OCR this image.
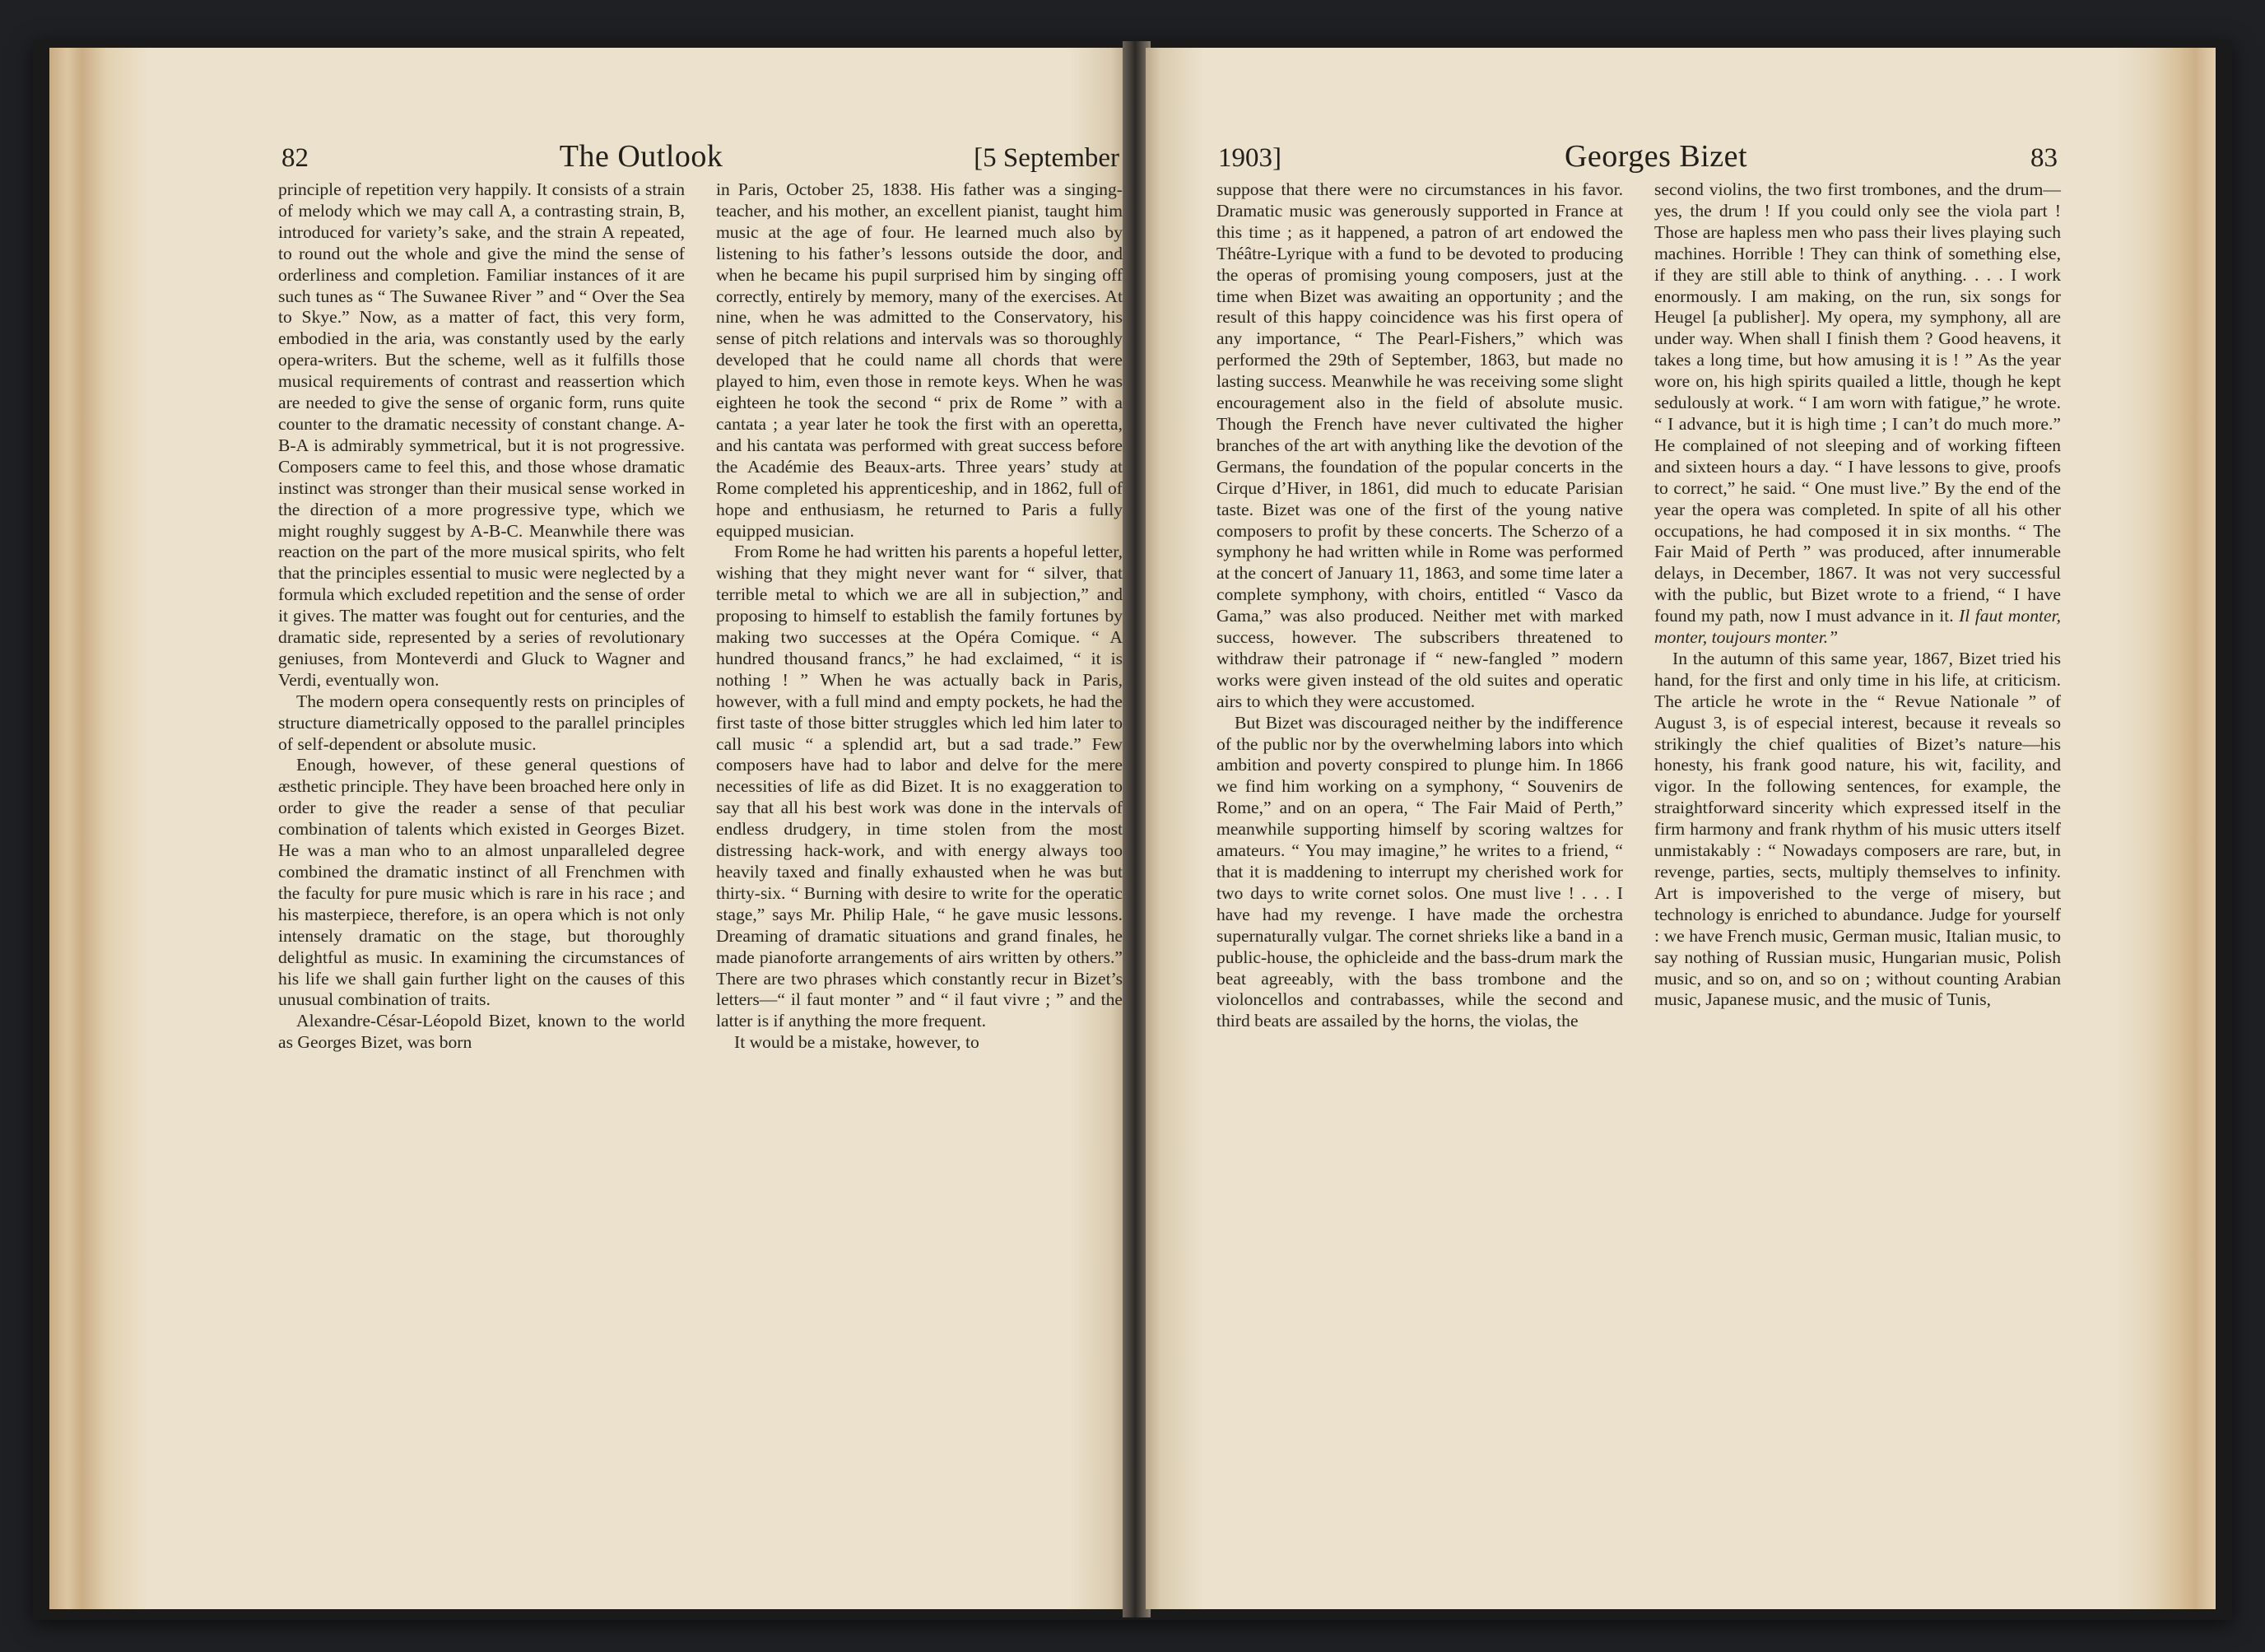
82	The Outlook	[5 September

principle of repetition very happily. It consists of a strain of melody which we may call A, a contrasting strain, B, introduced for variety’s sake, and the strain A repeated, to round out the whole and give the mind the sense of orderliness and completion. Familiar instances of it are such tunes as “ The Suwanee River ” and “ Over the Sea to Skye.” Now, as a matter of fact, this very form, embodied in the aria, was constantly used by the early opera-writers. But the scheme, well as it fulfills those musical requirements of contrast and reassertion which are needed to give the sense of organic form, runs quite counter to the dramatic necessity of constant change. A-B-A is admirably symmetrical, but it is not progressive. Composers came to feel this, and those whose dramatic instinct was stronger than their musical sense worked in the direction of a more progressive type, which we might roughly suggest by A-B-C. Meanwhile there was reaction on the part of the more musical spirits, who felt that the principles essential to music were neglected by a formula which excluded repetition and the sense of order it gives. The matter was fought out for centuries, and the dramatic side, represented by a series of revolutionary geniuses, from Monteverdi and Gluck to Wagner and Verdi, eventually won.

The modern opera consequently rests on principles of structure diametrically opposed to the parallel principles of self-dependent or absolute music.

Enough, however, of these general questions of æsthetic principle. They have been broached here only in order to give the reader a sense of that peculiar combination of talents which existed in Georges Bizet. He was a man who to an almost unparalleled degree combined the dramatic instinct of all Frenchmen with the faculty for pure music which is rare in his race ; and his masterpiece, therefore, is an opera which is not only intensely dramatic on the stage, but thoroughly delightful as music. In examining the circumstances of his life we shall gain further light on the causes of this unusual combination of traits.

Alexandre-César-Léopold Bizet, known to the world as Georges Bizet, was born

in Paris, October 25, 1838. His father was a singing-teacher, and his mother, an excellent pianist, taught him music at the age of four. He learned much also by listening to his father’s lessons outside the door, and when he became his pupil surprised him by singing off correctly, entirely by memory, many of the exercises. At nine, when he was admitted to the Conservatory, his sense of pitch relations and intervals was so thoroughly developed that he could name all chords that were played to him, even those in remote keys. When he was eighteen he took the second “ prix de Rome ” with a cantata ; a year later he took the first with an operetta, and his cantata was performed with great success before the Académie des Beaux-arts. Three years’ study at Rome completed his apprenticeship, and in 1862, full of hope and enthusiasm, he returned to Paris a fully equipped musician.

From Rome he had written his parents a hopeful letter, wishing that they might never want for “ silver, that terrible metal to which we are all in subjection,” and proposing to himself to establish the family fortunes by making two successes at the Opéra Comique. “ A hundred thousand francs,” he had exclaimed, “ it is nothing ! ” When he was actually back in Paris, however, with a full mind and empty pockets, he had the first taste of those bitter struggles which led him later to call music “ a splendid art, but a sad trade.” Few composers have had to labor and delve for the mere necessities of life as did Bizet. It is no exaggeration to say that all his best work was done in the intervals of endless drudgery, in time stolen from the most distressing hack-work, and with energy always too heavily taxed and finally exhausted when he was but thirty-six. “ Burning with desire to write for the operatic stage,” says Mr. Philip Hale, “ he gave music lessons. Dreaming of dramatic situations and grand finales, he made pianoforte arrangements of airs written by others.” There are two phrases which constantly recur in Bizet’s letters—“ il faut monter ” and “ il faut vivre ; ” and the latter is if anything the more frequent.

It would be a mistake, however, to

1903]	Georges Bizet	83

suppose that there were no circumstances in his favor. Dramatic music was generously supported in France at this time ; as it happened, a patron of art endowed the Théâtre-Lyrique with a fund to be devoted to producing the operas of promising young composers, just at the time when Bizet was awaiting an opportunity ; and the result of this happy coincidence was his first opera of any importance, “ The Pearl-Fishers,” which was performed the 29th of September, 1863, but made no lasting success. Meanwhile he was receiving some slight encouragement also in the field of absolute music. Though the French have never cultivated the higher branches of the art with anything like the devotion of the Germans, the foundation of the popular concerts in the Cirque d’Hiver, in 1861, did much to educate Parisian taste. Bizet was one of the first of the young native composers to profit by these concerts. The Scherzo of a symphony he had written while in Rome was performed at the concert of January 11, 1863, and some time later a complete symphony, with choirs, entitled “ Vasco da Gama,” was also produced. Neither met with marked success, however. The subscribers threatened to withdraw their patronage if “ new-fangled ” modern works were given instead of the old suites and operatic airs to which they were accustomed.

But Bizet was discouraged neither by the indifference of the public nor by the overwhelming labors into which ambition and poverty conspired to plunge him. In 1866 we find him working on a symphony, “ Souvenirs de Rome,” and on an opera, “ The Fair Maid of Perth,” meanwhile supporting himself by scoring waltzes for amateurs. “ You may imagine,” he writes to a friend, “ that it is maddening to interrupt my cherished work for two days to write cornet solos. One must live ! . . . I have had my revenge. I have made the orchestra supernaturally vulgar. The cornet shrieks like a band in a public-house, the ophicleide and the bass-drum mark the beat agreeably, with the bass trombone and the violoncellos and contrabasses, while the second and third beats are assailed by the horns, the violas, the

second violins, the two first trombones, and the drum—yes, the drum ! If you could only see the viola part ! Those are hapless men who pass their lives playing such machines. Horrible ! They can think of something else, if they are still able to think of anything. . . . I work enormously. I am making, on the run, six songs for Heugel [a publisher]. My opera, my symphony, all are under way. When shall I finish them ? Good heavens, it takes a long time, but how amusing it is ! ” As the year wore on, his high spirits quailed a little, though he kept sedulously at work. “ I am worn with fatigue,” he wrote. “ I advance, but it is high time ; I can’t do much more.” He complained of not sleeping and of working fifteen and sixteen hours a day. “ I have lessons to give, proofs to correct,” he said. “ One must live.” By the end of the year the opera was completed. In spite of all his other occupations, he had composed it in six months. “ The Fair Maid of Perth ” was produced, after innumerable delays, in December, 1867. It was not very successful with the public, but Bizet wrote to a friend, “ I have found my path, now I must advance in it. Il faut monter, monter, toujours monter.”

In the autumn of this same year, 1867, Bizet tried his hand, for the first and only time in his life, at criticism. The article he wrote in the “ Revue Nationale ” of August 3, is of especial interest, because it reveals so strikingly the chief qualities of Bizet’s nature—his honesty, his frank good nature, his wit, facility, and vigor. In the following sentences, for example, the straightforward sincerity which expressed itself in the firm harmony and frank rhythm of his music utters itself unmistakably : “ Nowadays composers are rare, but, in revenge, parties, sects, multiply themselves to infinity. Art is impoverished to the verge of misery, but technology is enriched to abundance. Judge for yourself : we have French music, German music, Italian music, to say nothing of Russian music, Hungarian music, Polish music, and so on, and so on ; without counting Arabian music, Japanese music, and the music of Tunis,
